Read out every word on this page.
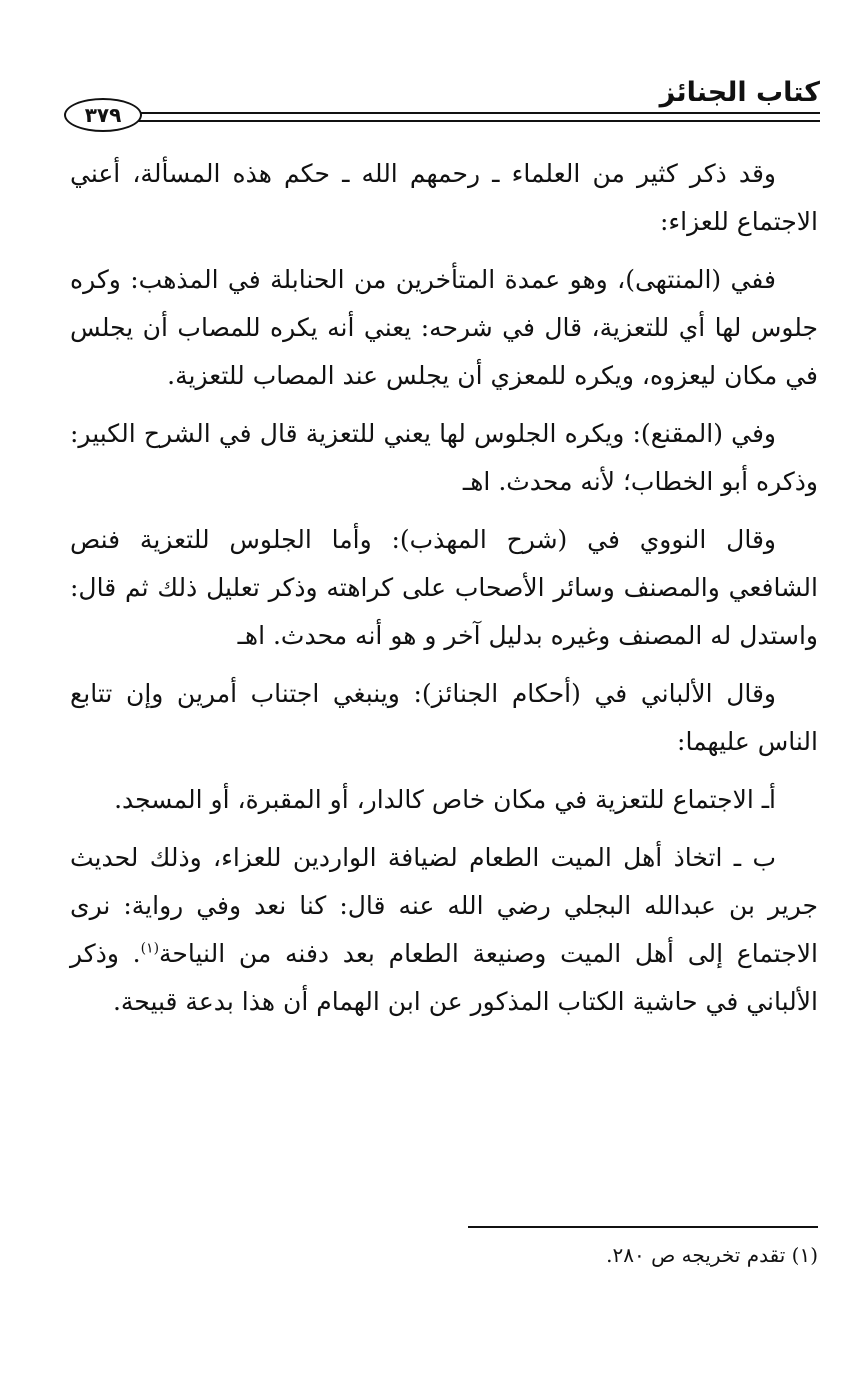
كتاب الجنائز
٣٧٩

وقد ذكر كثير من العلماء ـ رحمهم الله ـ حكم هذه المسألة، أعني الاجتماع للعزاء:

ففي (المنتهى)، وهو عمدة المتأخرين من الحنابلة في المذهب: وكره جلوس لها أي للتعزية، قال في شرحه: يعني أنه يكره للمصاب أن يجلس في مكان ليعزوه، ويكره للمعزي أن يجلس عند المصاب للتعزية.

وفي (المقنع): ويكره الجلوس لها يعني للتعزية قال في الشرح الكبير: وذكره أبو الخطاب؛ لأنه محدث. اهـ

وقال النووي في (شرح المهذب): وأما الجلوس للتعزية فنص الشافعي والمصنف وسائر الأصحاب على كراهته وذكر تعليل ذلك ثم قال: واستدل له المصنف وغيره بدليل آخر و هو أنه محدث. اهـ

وقال الألباني في (أحكام الجنائز): وينبغي اجتناب أمرين وإن تتابع الناس عليهما:

أـ الاجتماع للتعزية في مكان خاص كالدار، أو المقبرة، أو المسجد.

ب ـ اتخاذ أهل الميت الطعام لضيافة الواردين للعزاء، وذلك لحديث جرير بن عبدالله البجلي رضي الله عنه قال: كنا نعد وفي رواية: نرى الاجتماع إلى أهل الميت وصنيعة الطعام بعد دفنه من النياحة$^{(١)}$. وذكر الألباني في حاشية الكتاب المذكور عن ابن الهمام أن هذا بدعة قبيحة.

(١) تقدم تخريجه ص ٢٨٠.
